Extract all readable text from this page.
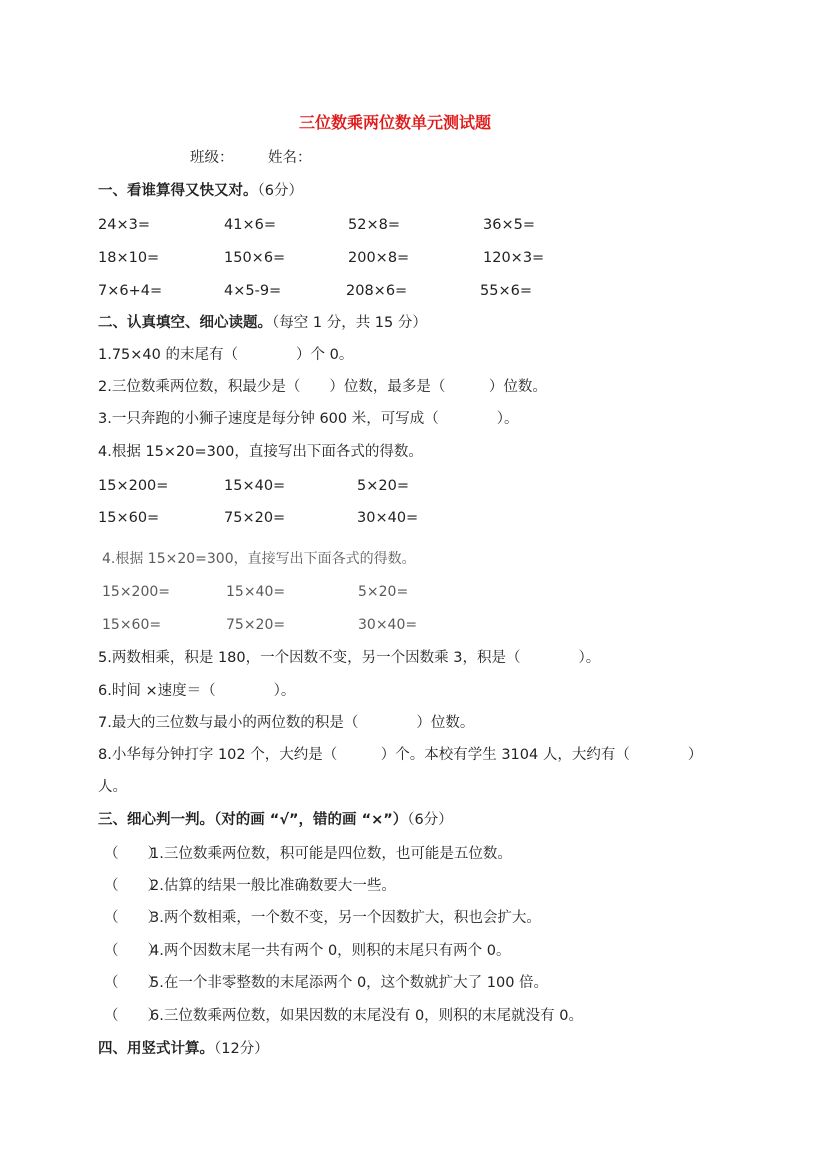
三位数乘两位数单元测试题
班级： 姓名：
一、看谁算得又快又对。（6分）
24×3=	41×6=	52×8=	36×5=
18×10=	150×6=	200×8=	120×3=
7×6+4=	4×5-9=	208×6=	55×6=
二、认真填空、细心读题。（每空 1 分，共 15 分）
1.75×40 的末尾有（　　　　）个 0。
2.三位数乘两位数，积最少是（　　）位数，最多是（　　　）位数。
3.一只奔跑的小狮子速度是每分钟 600 米，可写成（　　　　）。
4.根据 15×20=300，直接写出下面各式的得数。
15×200=	15×40=	5×20=
15×60=	75×20=	30×40=
4.根据 15×20=300，直接写出下面各式的得数。
15×200=	15×40=	5×20=
15×60=	75×20=	30×40=
5.两数相乘，积是 180，一个因数不变，另一个因数乘 3，积是（　　　　）。
6.时间 ×速度＝（　　　　）。
7.最大的三位数与最小的两位数的积是（　　　　）位数。
8.小华每分钟打字 102 个，大约是（　　　）个。本校有学生 3104 人，大约有（　　　　）
人。
三、细心判一判。（对的画 “√”，错的画 “×”）（6分）
（　　）1.三位数乘两位数，积可能是四位数，也可能是五位数。
（　　）2.估算的结果一般比准确数要大一些。
（　　）3.两个数相乘，一个数不变，另一个因数扩大，积也会扩大。
（　　）4.两个因数末尾一共有两个 0，则积的末尾只有两个 0。
（　　）5.在一个非零整数的末尾添两个 0，这个数就扩大了 100 倍。
（　　）6.三位数乘两位数，如果因数的末尾没有 0，则积的末尾就没有 0。
四、用竖式计算。（12分）
